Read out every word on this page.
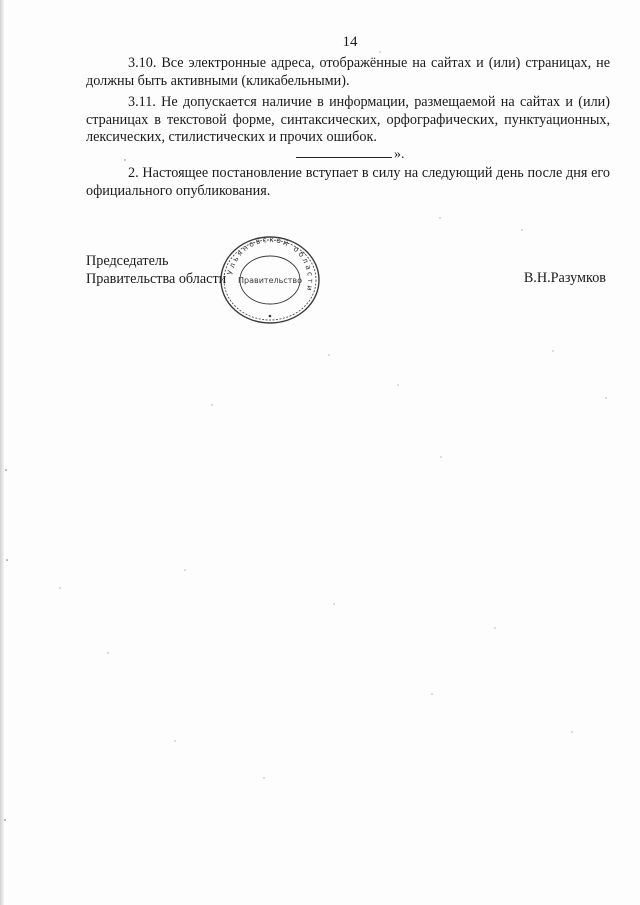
14

3.10. Все электронные адреса, отображённые на сайтах и (или) страницах, не должны быть активными (кликабельными).

3.11. Не допускается наличие в информации, размещаемой на сайтах и (или) страницах в текстовой форме, синтаксических, орфографических, пунктуационных, лексических, стилистических и прочих ошибок.

».

2. Настоящее постановление вступает в силу на следующий день после дня его официального опубликования.

Председатель
Правительства области Ульяновской области
Правительство	В.Н.Разумков
